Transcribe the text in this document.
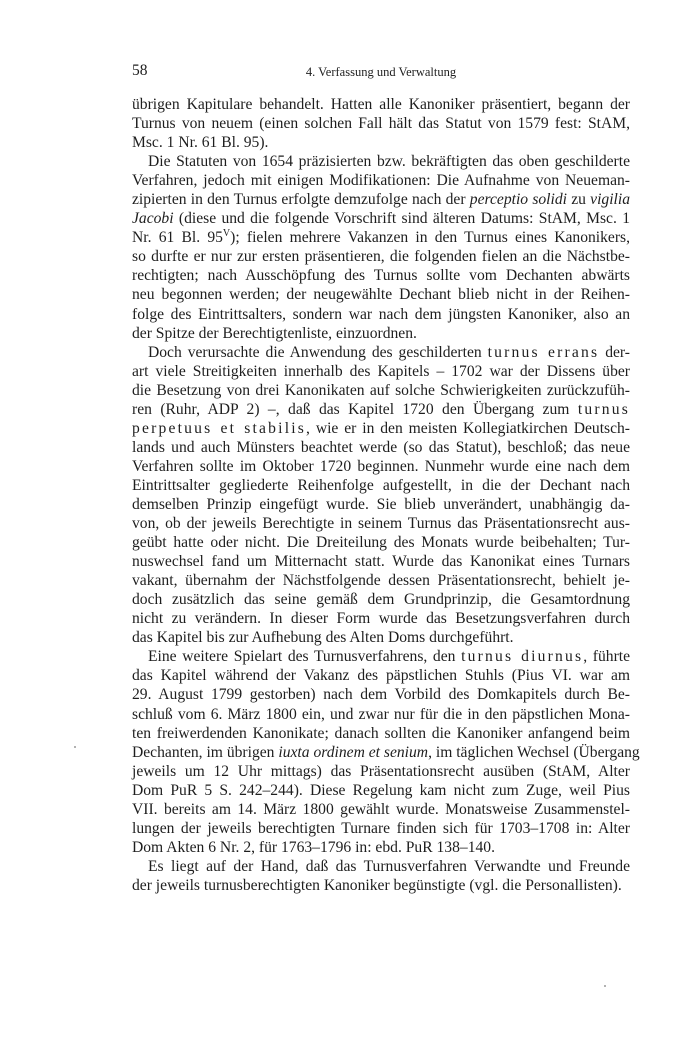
58	4. Verfassung und Verwaltung
übrigen Kapitulare behandelt. Hatten alle Kanoniker präsentiert, begann der
Turnus von neuem (einen solchen Fall hält das Statut von 1579 fest: StAM,
Msc. 1 Nr. 61 Bl. 95).
Die Statuten von 1654 präzisierten bzw. bekräftigten das oben geschilderte
Verfahren, jedoch mit einigen Modifikationen: Die Aufnahme von Neueman-
zipierten in den Turnus erfolgte demzufolge nach der perceptio solidi zu vigilia
Jacobi (diese und die folgende Vorschrift sind älteren Datums: StAM, Msc. 1
Nr. 61 Bl. $95^V$); fielen mehrere Vakanzen in den Turnus eines Kanonikers,
so durfte er nur zur ersten präsentieren, die folgenden fielen an die Nächstbe-
rechtigten; nach Ausschöpfung des Turnus sollte vom Dechanten abwärts
neu begonnen werden; der neugewählte Dechant blieb nicht in der Reihen-
folge des Eintrittsalters, sondern war nach dem jüngsten Kanoniker, also an
der Spitze der Berechtigtenliste, einzuordnen.
Doch verursachte die Anwendung des geschilderten turnus errans der-
art viele Streitigkeiten innerhalb des Kapitels – 1702 war der Dissens über
die Besetzung von drei Kanonikaten auf solche Schwierigkeiten zurückzufüh-
ren (Ruhr, ADP 2) –, daß das Kapitel 1720 den Übergang zum turnus
perpetuus et stabilis, wie er in den meisten Kollegiatkirchen Deutsch-
lands und auch Münsters beachtet werde (so das Statut), beschloß; das neue
Verfahren sollte im Oktober 1720 beginnen. Nunmehr wurde eine nach dem
Eintrittsalter gegliederte Reihenfolge aufgestellt, in die der Dechant nach
demselben Prinzip eingefügt wurde. Sie blieb unverändert, unabhängig da-
von, ob der jeweils Berechtigte in seinem Turnus das Präsentationsrecht aus-
geübt hatte oder nicht. Die Dreiteilung des Monats wurde beibehalten; Tur-
nuswechsel fand um Mitternacht statt. Wurde das Kanonikat eines Turnars
vakant, übernahm der Nächstfolgende dessen Präsentationsrecht, behielt je-
doch zusätzlich das seine gemäß dem Grundprinzip, die Gesamtordnung
nicht zu verändern. In dieser Form wurde das Besetzungsverfahren durch
das Kapitel bis zur Aufhebung des Alten Doms durchgeführt.
Eine weitere Spielart des Turnusverfahrens, den turnus diurnus, führte
das Kapitel während der Vakanz des päpstlichen Stuhls (Pius VI. war am
29. August 1799 gestorben) nach dem Vorbild des Domkapitels durch Be-
schluß vom 6. März 1800 ein, und zwar nur für die in den päpstlichen Mona-
ten freiwerdenden Kanonikate; danach sollten die Kanoniker anfangend beim
Dechanten, im übrigen iuxta ordinem et senium, im täglichen Wechsel (Übergang
jeweils um 12 Uhr mittags) das Präsentationsrecht ausüben (StAM, Alter
Dom PuR 5 S. 242–244). Diese Regelung kam nicht zum Zuge, weil Pius
VII. bereits am 14. März 1800 gewählt wurde. Monatsweise Zusammenstel-
lungen der jeweils berechtigten Turnare finden sich für 1703–1708 in: Alter
Dom Akten 6 Nr. 2, für 1763–1796 in: ebd. PuR 138–140.
Es liegt auf der Hand, daß das Turnusverfahren Verwandte und Freunde
der jeweils turnusberechtigten Kanoniker begünstigte (vgl. die Personallisten).
